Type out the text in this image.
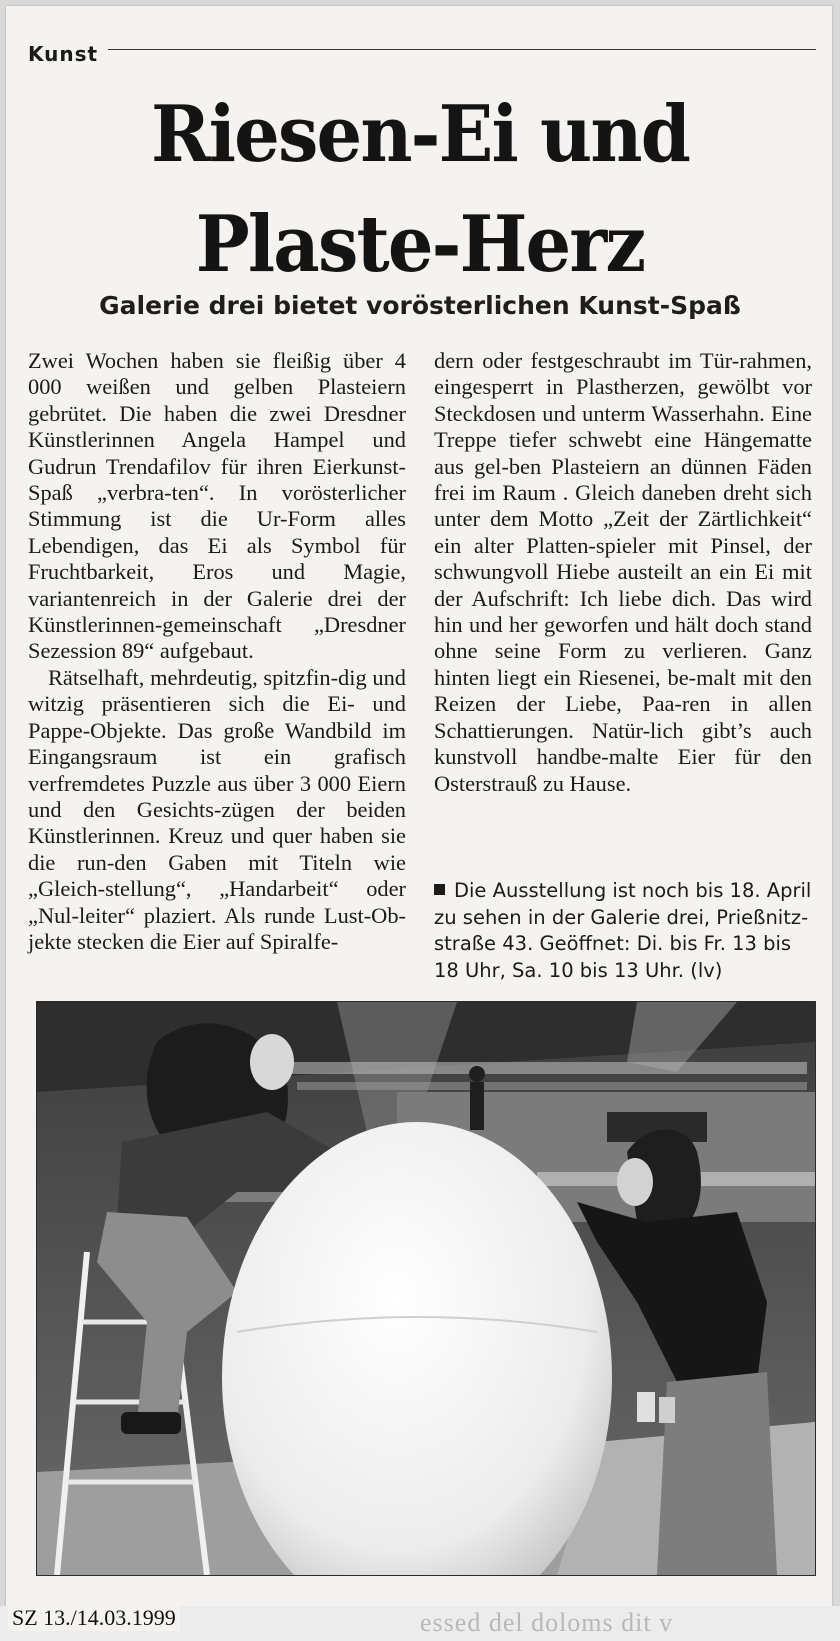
Kunst
Riesen-Ei und
Plaste-Herz
Galerie drei bietet vorösterlichen Kunst-Spaß

Zwei Wochen haben sie fleißig über 4 000 weißen und gelben Plasteiern gebrütet. Die haben die zwei Dresdner Künstlerinnen Angela Hampel und Gudrun Trendafilov für ihren Eierkunst-Spaß „verbra-ten“. In vorösterlicher Stimmung ist die Ur-Form alles Lebendigen, das Ei als Symbol für Fruchtbarkeit, Eros und Magie, variantenreich in der Galerie drei der Künstlerinnen-gemeinschaft „Dresdner Sezession 89“ aufgebaut.

Rätselhaft, mehrdeutig, spitzfin-dig und witzig präsentieren sich die Ei- und Pappe-Objekte. Das große Wandbild im Eingangsraum ist ein grafisch verfremdetes Puzzle aus über 3 000 Eiern und den Gesichts-zügen der beiden Künstlerinnen. Kreuz und quer haben sie die run-den Gaben mit Titeln wie „Gleich-stellung“, „Handarbeit“ oder „Nul-leiter“ plaziert. Als runde Lust-Ob-jekte stecken die Eier auf Spiralfe-

dern oder festgeschraubt im Tür-rahmen, eingesperrt in Plastherzen, gewölbt vor Steckdosen und unterm Wasserhahn. Eine Treppe tiefer schwebt eine Hängematte aus gel-ben Plasteiern an dünnen Fäden frei im Raum . Gleich daneben dreht sich unter dem Motto „Zeit der Zärtlichkeit“ ein alter Platten-spieler mit Pinsel, der schwungvoll Hiebe austeilt an ein Ei mit der Aufschrift: Ich liebe dich. Das wird hin und her geworfen und hält doch stand ohne seine Form zu verlieren. Ganz hinten liegt ein Riesenei, be-malt mit den Reizen der Liebe, Paa-ren in allen Schattierungen. Natür-lich gibt’s auch kunstvoll handbe-malte Eier für den Osterstrauß zu Hause.

Die Ausstellung ist noch bis 18. April zu sehen in der Galerie drei, Prießnitz-straße 43. Geöffnet: Di. bis Fr. 13 bis 18 Uhr, Sa. 10 bis 13 Uhr. (lv)
essed del doloms dit v
SZ 13./14.03.1999
